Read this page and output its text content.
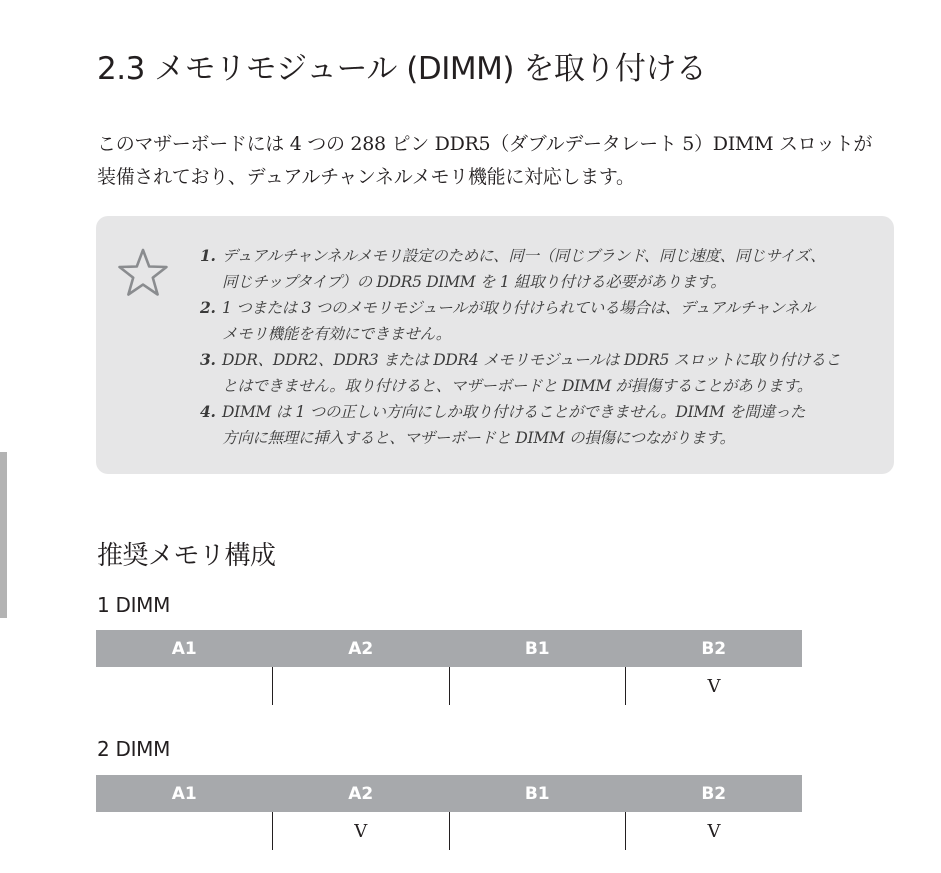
2.3 メモリモジュール (DIMM) を取り付ける

このマザーボードには 4 つの 288 ピン DDR5（ダブルデータレート 5）DIMM スロットが

装備されており、デュアルチャンネルメモリ機能に対応します。

1. デュアルチャンネルメモリ設定のために、同一（同じブランド、同じ速度、同じサイズ、
同じチップタイプ）の DDR5 DIMM を 1 組取り付ける必要があります。
2. 1 つまたは 3 つのメモリモジュールが取り付けられている場合は、デュアルチャンネル
メモリ機能を有効にできません。
3. DDR、DDR2、DDR3 または DDR4 メモリモジュールは DDR5 スロットに取り付けるこ
とはできません。取り付けると、マザーボードと DIMM が損傷することがあります。
4. DIMM は 1 つの正しい方向にしか取り付けることができません。DIMM を間違った
方向に無理に挿入すると、マザーボードと DIMM の損傷につながります。
推奨メモリ構成
1 DIMM
A1	A2	B1	B2
			V
2 DIMM
A1	A2	B1	B2
	V		V
